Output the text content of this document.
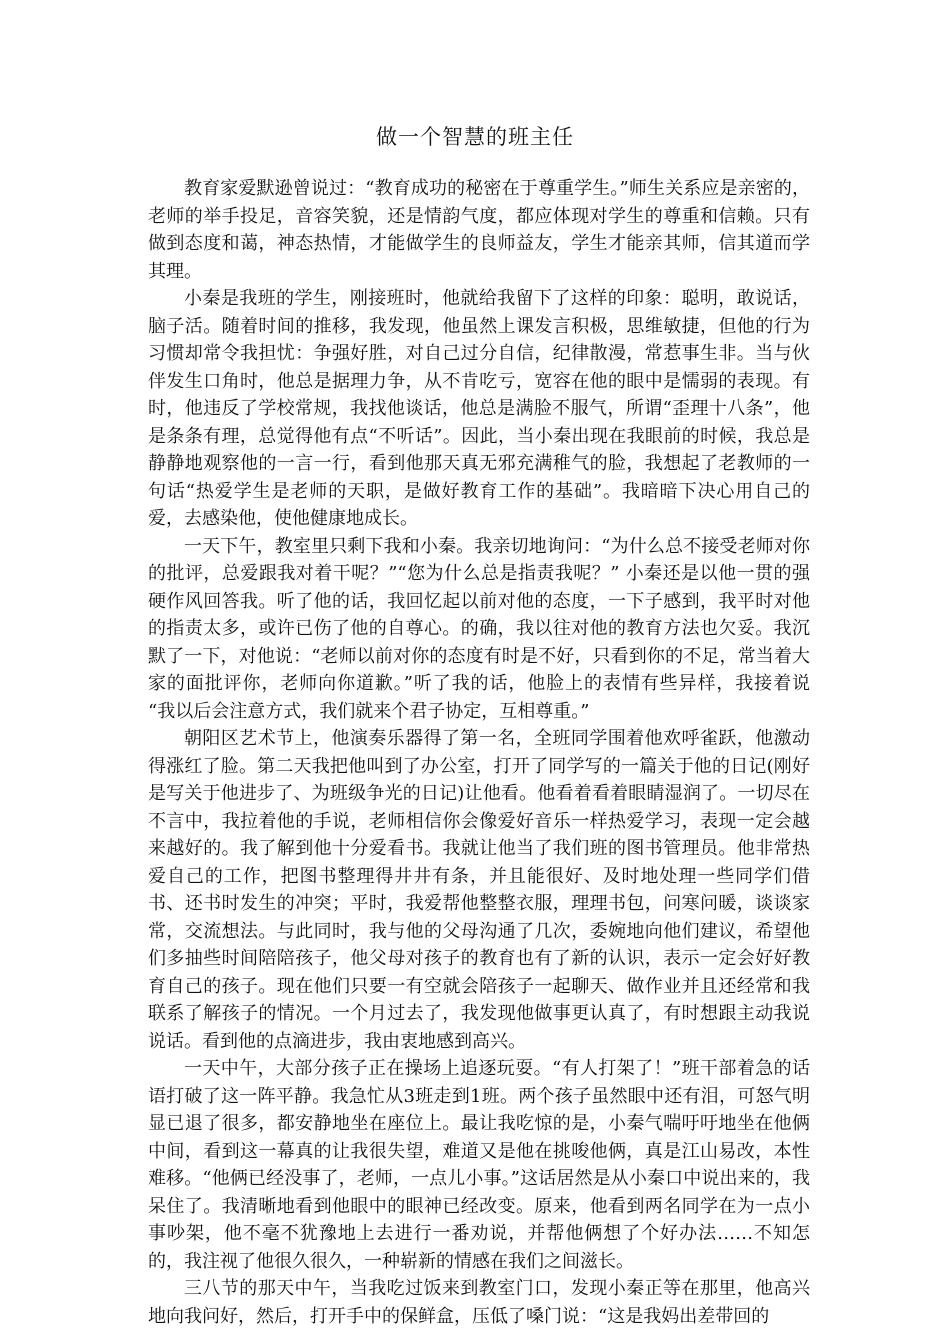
做一个智慧的班主任

教育家爱默逊曾说过：“教育成功的秘密在于尊重学生。”师生关系应是亲密的，老师的举手投足，音容笑貌，还是情韵气度，都应体现对学生的尊重和信赖。只有做到态度和蔼，神态热情，才能做学生的良师益友，学生才能亲其师，信其道而学其理。

小秦是我班的学生，刚接班时，他就给我留下了这样的印象：聪明，敢说话，脑子活。随着时间的推移，我发现，他虽然上课发言积极，思维敏捷，但他的行为习惯却常令我担忧：争强好胜，对自己过分自信，纪律散漫，常惹事生非。当与伙伴发生口角时，他总是据理力争，从不肯吃亏，宽容在他的眼中是懦弱的表现。有时，他违反了学校常规，我找他谈话，他总是满脸不服气，所谓“歪理十八条”，他是条条有理，总觉得他有点“不听话”。因此，当小秦出现在我眼前的时候，我总是静静地观察他的一言一行，看到他那天真无邪充满稚气的脸，我想起了老教师的一句话“热爱学生是老师的天职，是做好教育工作的基础”。我暗暗下决心用自己的爱，去感染他，使他健康地成长。

一天下午，教室里只剩下我和小秦。我亲切地询问：“为什么总不接受老师对你的批评，总爱跟我对着干呢？”“您为什么总是指责我呢？” 小秦还是以他一贯的强硬作风回答我。听了他的话，我回忆起以前对他的态度，一下子感到，我平时对他的指责太多，或许已伤了他的自尊心。的确，我以往对他的教育方法也欠妥。我沉默了一下，对他说：“老师以前对你的态度有时是不好，只看到你的不足，常当着大家的面批评你，老师向你道歉。”听了我的话，他脸上的表情有些异样，我接着说 “我以后会注意方式，我们就来个君子协定，互相尊重。”

朝阳区艺术节上，他演奏乐器得了第一名，全班同学围着他欢呼雀跃，他激动得涨红了脸。第二天我把他叫到了办公室，打开了同学写的一篇关于他的日记(刚好是写关于他进步了、为班级争光的日记)让他看。他看着看着眼睛湿润了。一切尽在不言中，我拉着他的手说，老师相信你会像爱好音乐一样热爱学习，表现一定会越来越好的。我了解到他十分爱看书。我就让他当了我们班的图书管理员。他非常热爱自己的工作，把图书整理得井井有条，并且能很好、及时地处理一些同学们借书、还书时发生的冲突；平时，我爱帮他整整衣服，理理书包，问寒问暖，谈谈家常，交流想法。与此同时，我与他的父母沟通了几次，委婉地向他们建议，希望他们多抽些时间陪陪孩子，他父母对孩子的教育也有了新的认识，表示一定会好好教育自己的孩子。现在他们只要一有空就会陪孩子一起聊天、做作业并且还经常和我联系了解孩子的情况。一个月过去了，我发现他做事更认真了，有时想跟主动我说说话。看到他的点滴进步，我由衷地感到高兴。

一天中午，大部分孩子正在操场上追逐玩耍。“有人打架了！”班干部着急的话语打破了这一阵平静。我急忙从3班走到1班。两个孩子虽然眼中还有泪，可怒气明显已退了很多，都安静地坐在座位上。最让我吃惊的是，小秦气喘吁吁地坐在他俩中间，看到这一幕真的让我很失望，难道又是他在挑唆他俩，真是江山易改，本性难移。“他俩已经没事了，老师，一点儿小事。”这话居然是从小秦口中说出来的，我呆住了。我清晰地看到他眼中的眼神已经改变。原来，他看到两名同学在为一点小事吵架，他不毫不犹豫地上去进行一番劝说，并帮他俩想了个好办法……不知怎的，我注视了他很久很久，一种崭新的情感在我们之间滋长。

三八节的那天中午，当我吃过饭来到教室门口，发现小秦正等在那里，他高兴地向我问好，然后，打开手中的保鲜盒，压低了嗓门说：“这是我妈出差带回的
